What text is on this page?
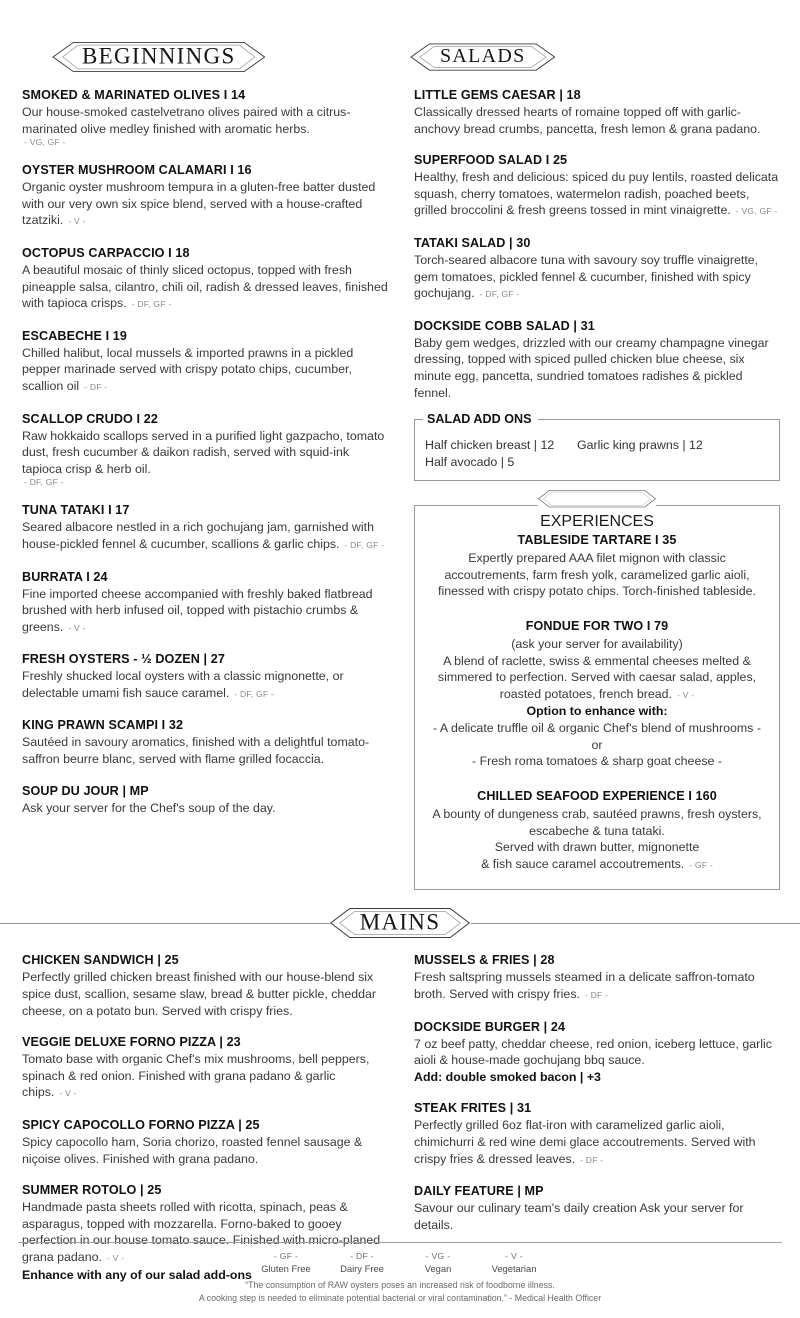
BEGINNINGS	SALADS
SMOKED & MARINATED OLIVES I 14
Our house-smoked castelvetrano olives paired with a citrus-marinated olive medley finished with aromatic herbs.
- VG, GF -
OYSTER MUSHROOM CALAMARI I 16
Organic oyster mushroom tempura in a gluten-free batter dusted with our very own six spice blend, served with a house-crafted tzatziki. - V -
OCTOPUS CARPACCIO I 18
A beautiful mosaic of thinly sliced octopus, topped with fresh pineapple salsa, cilantro, chili oil, radish & dressed leaves, finished with tapioca crisps. - DF, GF -
ESCABECHE I 19
Chilled halibut, local mussels & imported prawns in a pickled pepper marinade served with crispy potato chips, cucumber, scallion oil - DF -
SCALLOP CRUDO I 22
Raw hokkaido scallops served in a purified light gazpacho, tomato dust, fresh cucumber & daikon radish, served with squid-ink tapioca crisp & herb oil.
- DF, GF -
TUNA TATAKI I 17
Seared albacore nestled in a rich gochujang jam, garnished with house-pickled fennel & cucumber, scallions & garlic chips. - DF, GF -
BURRATA I 24
Fine imported cheese accompanied with freshly baked flatbread brushed with herb infused oil, topped with pistachio crumbs & greens. - V -
FRESH OYSTERS - ½ DOZEN | 27
Freshly shucked local oysters with a classic mignonette, or delectable umami fish sauce caramel. - DF, GF -
KING PRAWN SCAMPI I 32
Sautéed in savoury aromatics, finished with a delightful tomato-saffron beurre blanc, served with flame grilled focaccia.
SOUP DU JOUR | MP
Ask your server for the Chef's soup of the day.
LITTLE GEMS CAESAR | 18
Classically dressed hearts of romaine topped off with garlic-anchovy bread crumbs, pancetta, fresh lemon & grana padano.
SUPERFOOD SALAD I 25
Healthy, fresh and delicious: spiced du puy lentils, roasted delicata squash, cherry tomatoes, watermelon radish, poached beets, grilled broccolini & fresh greens tossed in mint vinaigrette. - VG, GF -
TATAKI SALAD | 30
Torch-seared albacore tuna with savoury soy truffle vinaigrette, gem tomatoes, pickled fennel & cucumber, finished with spicy gochujang. - DF, GF -
DOCKSIDE COBB SALAD | 31
Baby gem wedges, drizzled with our creamy champagne vinegar dressing, topped with spiced pulled chicken blue cheese, six minute egg, pancetta, sundried tomatoes radishes & pickled fennel.
SALAD ADD ONS
Half chicken breast | 12	Garlic king prawns | 12
Half avocado | 5
EXPERIENCES
TABLESIDE TARTARE I 35
Expertly prepared AAA filet mignon with classic
accoutrements, farm fresh yolk, caramelized garlic aioli,
finessed with crispy potato chips. Torch-finished tableside.
FONDUE FOR TWO I 79
(ask your server for availability)
A blend of raclette, swiss & emmental cheeses melted &
simmered to perfection. Served with caesar salad, apples,
roasted potatoes, french bread. - V -
Option to enhance with:
- A delicate truffle oil & organic Chef's blend of mushrooms -
or
- Fresh roma tomatoes & sharp goat cheese -
CHILLED SEAFOOD EXPERIENCE I 160
A bounty of dungeness crab, sautéed prawns, fresh oysters,
escabeche & tuna tataki.
Served with drawn butter, mignonette
& fish sauce caramel accoutrements. - GF -
MAINS
CHICKEN SANDWICH | 25
Perfectly grilled chicken breast finished with our house-blend six spice dust, scallion, sesame slaw, bread & butter pickle, cheddar cheese, on a potato bun. Served with crispy fries.
VEGGIE DELUXE FORNO PIZZA | 23
Tomato base with organic Chef's mix mushrooms, bell peppers, spinach & red onion. Finished with grana padano & garlic chips. - V -
SPICY CAPOCOLLO FORNO PIZZA | 25
Spicy capocollo ham, Soria chorizo, roasted fennel sausage & niçoise olives. Finished with grana padano.
SUMMER ROTOLO | 25
Handmade pasta sheets rolled with ricotta, spinach, peas & asparagus, topped with mozzarella. Forno-baked to gooey perfection in our house tomato sauce. Finished with micro-planed grana padano. - V -
Enhance with any of our salad add-ons
MUSSELS & FRIES | 28
Fresh saltspring mussels steamed in a delicate saffron-tomato broth. Served with crispy fries. - DF -
DOCKSIDE BURGER | 24
7 oz beef patty, cheddar cheese, red onion, iceberg lettuce, garlic aioli & house-made gochujang bbq sauce.
Add: double smoked bacon | +3
STEAK FRITES | 31
Perfectly grilled 6oz flat-iron with caramelized garlic aioli, chimichurri & red wine demi glace accoutrements. Served with crispy fries & dressed leaves. - DF -
DAILY FEATURE | MP
Savour our culinary team's daily creation Ask your server for details.
- GF -
Gluten Free
- DF -
Dairy Free
- VG -
Vegan
- V -
Vegetarian
“The consumption of RAW oysters poses an increased risk of foodborne illness.
A cooking step is needed to eliminate potential bacterial or viral contamination.” - Medical Health Officer
